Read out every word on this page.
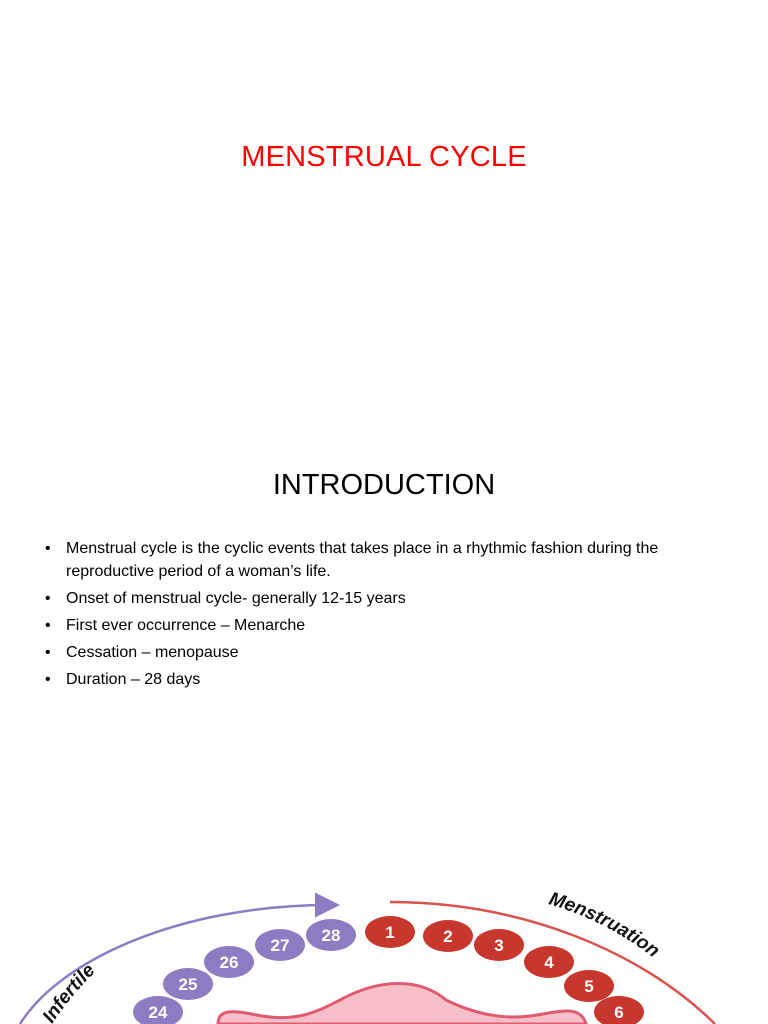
MENSTRUAL CYCLE
INTRODUCTION
• Menstrual cycle is the cyclic events that takes place in a rhythmic fashion during the reproductive period of a woman’s life.
• Onset of menstrual cycle- generally 12-15 years
• First ever occurrence – Menarche
• Cessation – menopause
• Duration – 28 days
Infertile
Menstruation
24
25
26
27
28	1	2 3
4
5
6
